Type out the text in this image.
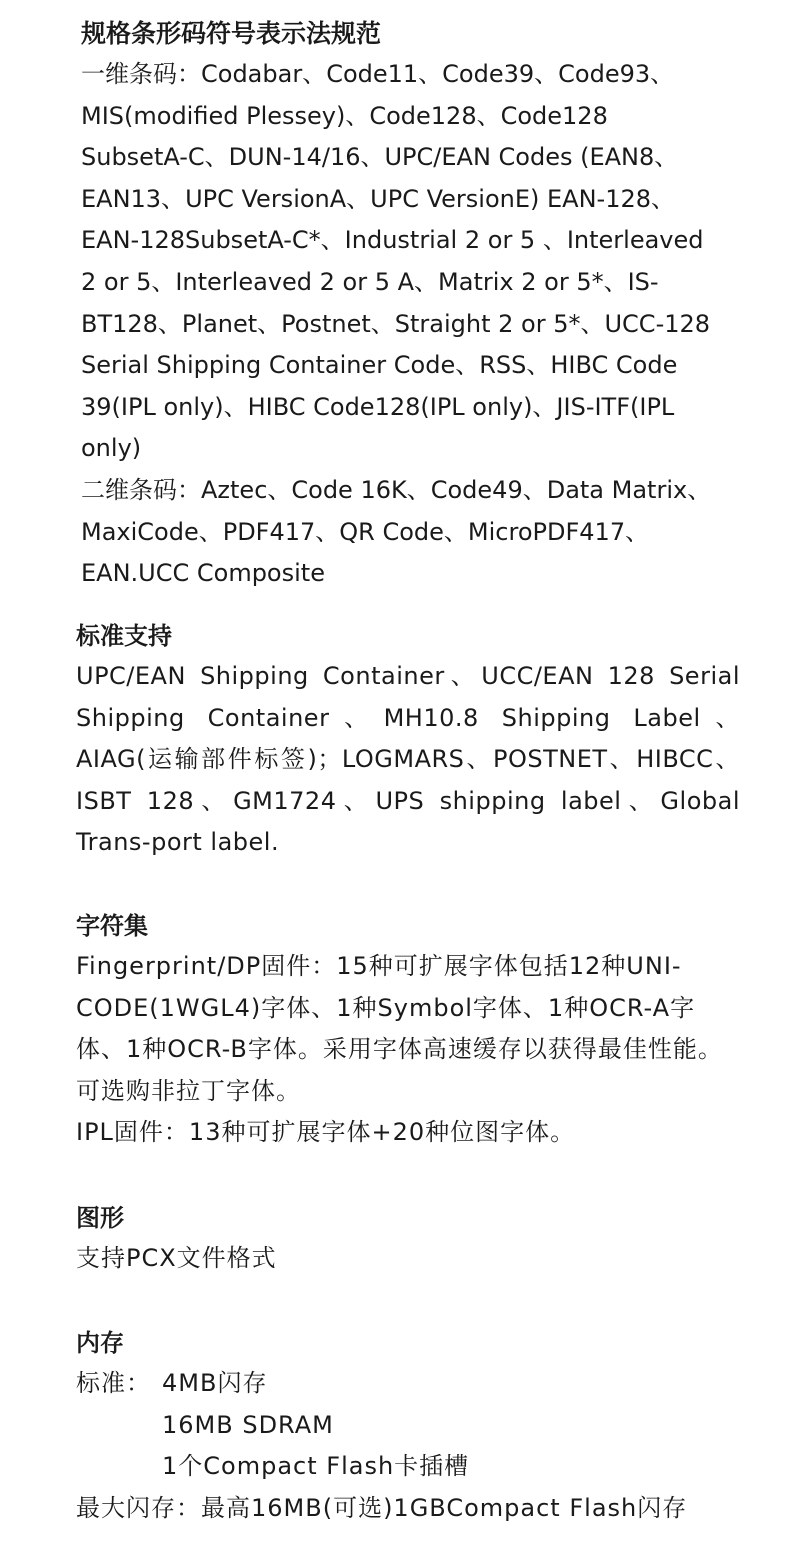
规格条形码符号表示法规范

一维条码：Codabar、Code11、Code39、Code93、MIS(modified Plessey)、Code128、Code128 SubsetA-C、DUN-14/16、UPC/EAN Codes (EAN8、EAN13、UPC VersionA、UPC VersionE) EAN-128、EAN-128SubsetA-C*、Industrial 2 or 5 、Interleaved 2 or 5、Interleaved 2 or 5 A、Matrix 2 or 5*、IS-BT128、Planet、Postnet、Straight 2 or 5*、UCC-128 Serial Shipping Container Code、RSS、HIBC Code 39(IPL only)、HIBC Code128(IPL only)、JIS-ITF(IPL only)

二维条码：Aztec、Code 16K、Code49、Data Matrix、MaxiCode、PDF417、QR Code、MicroPDF417、EAN.UCC Composite

标准支持

UPC/EAN Shipping Container、UCC/EAN 128 Serial Shipping Container、MH10.8 Shipping Label、AIAG(运输部件标签)；LOGMARS、POSTNET、HIBCC、ISBT 128、GM1724、UPS shipping label、Global Trans-port label.

字符集

Fingerprint/DP固件：15种可扩展字体包括12种UNI-CODE(1WGL4)字体、1种Symbol字体、1种OCR-A字体、1种OCR-B字体。采用字体高速缓存以获得最佳性能。可选购非拉丁字体。

IPL固件：13种可扩展字体+20种位图字体。

图形

支持PCX文件格式

内存
标准： 4MB闪存
16MB SDRAM
1个Compact Flash卡插槽
最大闪存： 最高16MB(可选)1GBCompact Flash闪存
